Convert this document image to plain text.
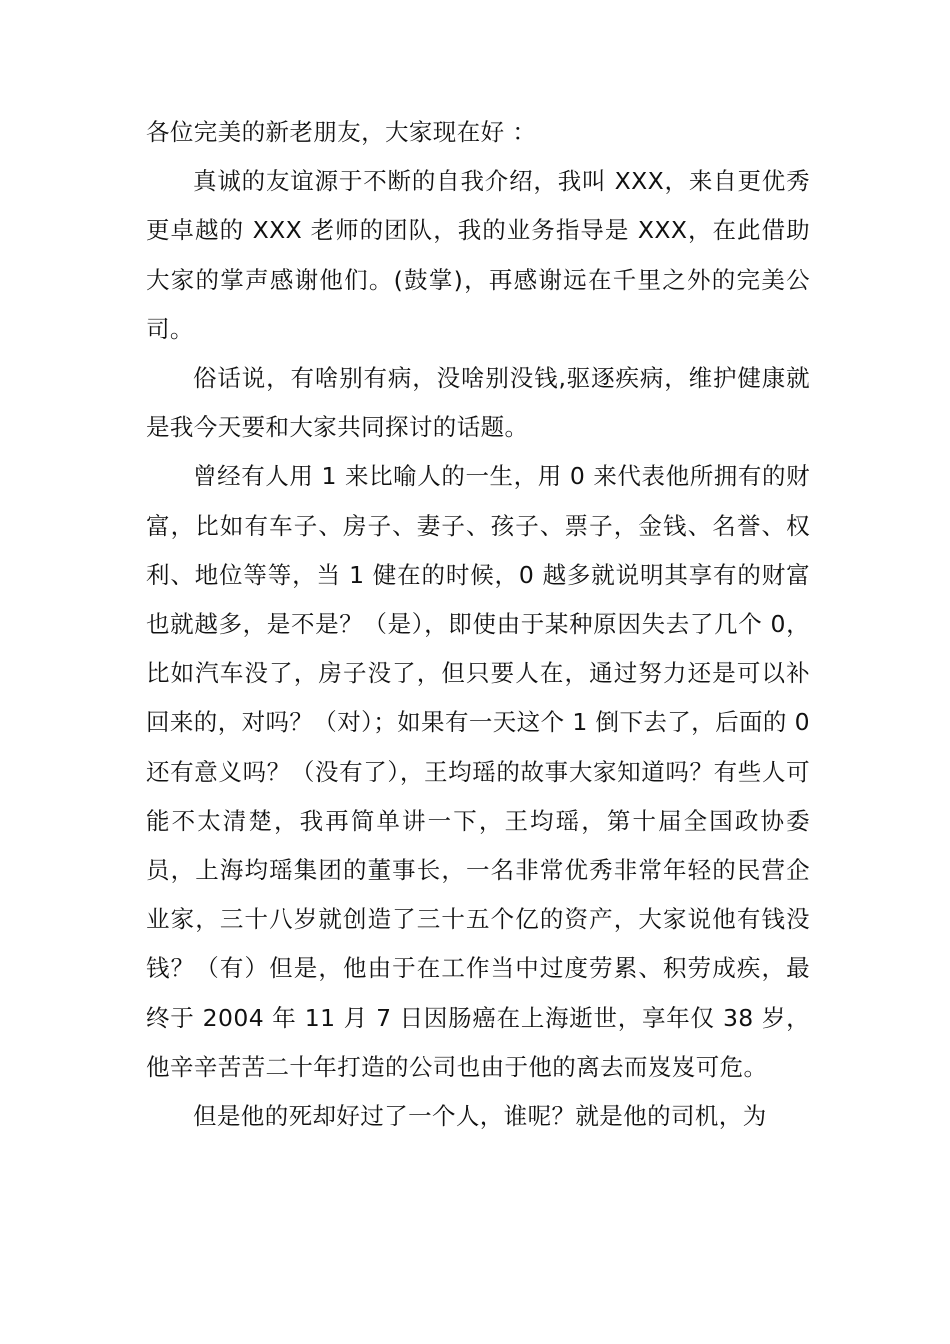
各位完美的新老朋友，大家现在好 ：

真诚的友谊源于不断的自我介绍，我叫 XXX，来自更优秀更卓越的 XXX 老师的团队，我的业务指导是 XXX，在此借助大家的掌声感谢他们。(鼓掌)，再感谢远在千里之外的完美公司。

俗话说，有啥别有病，没啥别没钱,驱逐疾病，维护健康就是我今天要和大家共同探讨的话题。

曾经有人用 1 来比喻人的一生，用 0 来代表他所拥有的财富，比如有车子、房子、妻子、孩子、票子，金钱、名誉、权利、地位等等，当 1 健在的时候，0 越多就说明其享有的财富也就越多，是不是？（是），即使由于某种原因失去了几个 0，比如汽车没了，房子没了，但只要人在，通过努力还是可以补回来的，对吗？（对）；如果有一天这个 1 倒下去了，后面的 0 还有意义吗？（没有了），王均瑶的故事大家知道吗？有些人可能不太清楚，我再简单讲一下，王均瑶，第十届全国政协委员，上海均瑶集团的董事长，一名非常优秀非常年轻的民营企业家，三十八岁就创造了三十五个亿的资产，大家说他有钱没钱？（有）但是，他由于在工作当中过度劳累、积劳成疾，最终于 2004 年 11 月 7 日因肠癌在上海逝世，享年仅 38 岁，他辛辛苦苦二十年打造的公司也由于他的离去而岌岌可危。

但是他的死却好过了一个人，谁呢？就是他的司机，为
